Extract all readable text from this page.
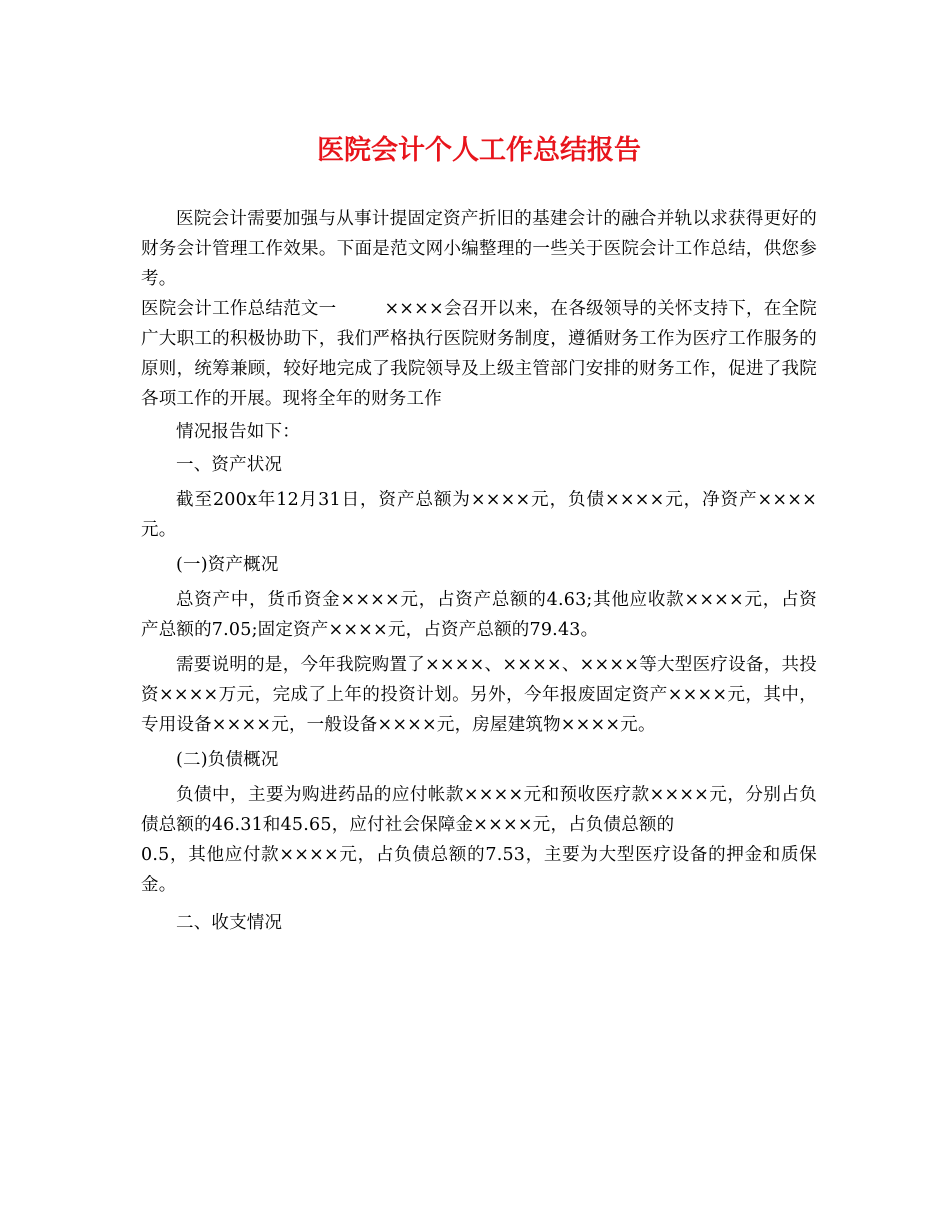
医院会计个人工作总结报告

医院会计需要加强与从事计提固定资产折旧的基建会计的融合并轨以求获得更好的财务会计管理工作效果。下面是范文网小编整理的一些关于医院会计工作总结，供您参考。

医院会计工作总结范文一	××××会召开以来，在各级领导的关怀支持下，在全院广大职工的积极协助下，我们严格执行医院财务制度，遵循财务工作为医疗工作服务的原则，统筹兼顾，较好地完成了我院领导及上级主管部门安排的财务工作，促进了我院各项工作的开展。现将全年的财务工作

情况报告如下：

一、资产状况

截至200x年12月31日，资产总额为××××元，负债××××元，净资产××××元。

(一)资产概况

总资产中，货币资金××××元，占资产总额的4.63;其他应收款××××元，占资产总额的7.05;固定资产××××元，占资产总额的79.43。

需要说明的是，今年我院购置了××××、××××、××××等大型医疗设备，共投资××××万元，完成了上年的投资计划。另外，今年报废固定资产××××元，其中，专用设备××××元，一般设备××××元，房屋建筑物××××元。

(二)负债概况

负债中，主要为购进药品的应付帐款××××元和预收医疗款××××元，分别占负债总额的46.31和45.65，应付社会保障金××××元，占负债总额的
0.5，其他应付款××××元，占负债总额的7.53，主要为大型医疗设备的押金和质保金。

二、收支情况
